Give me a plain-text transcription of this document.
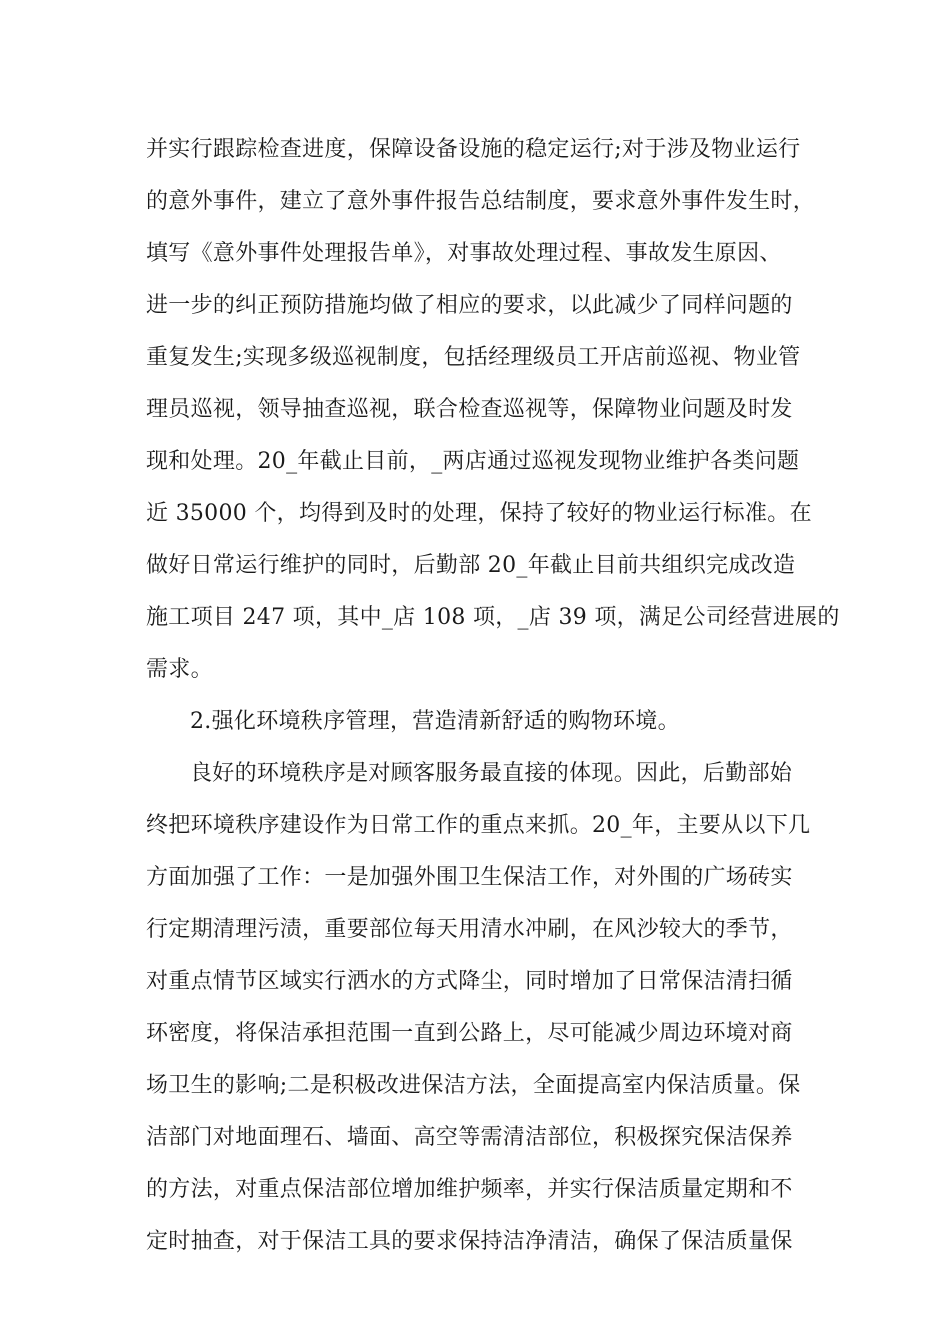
并实行跟踪检查进度，保障设备设施的稳定运行;对于涉及物业运行
的意外事件，建立了意外事件报告总结制度，要求意外事件发生时，
填写《意外事件处理报告单》，对事故处理过程、事故发生原因、
进一步的纠正预防措施均做了相应的要求，以此减少了同样问题的
重复发生;实现多级巡视制度，包括经理级员工开店前巡视、物业管
理员巡视，领导抽查巡视，联合检查巡视等，保障物业问题及时发
现和处理。20_年截止目前，_两店通过巡视发现物业维护各类问题
近 35000 个，均得到及时的处理，保持了较好的物业运行标准。在
做好日常运行维护的同时，后勤部 20_年截止目前共组织完成改造
施工项目 247 项，其中_店 108 项，_店 39 项，满足公司经营进展的
需求。
2.强化环境秩序管理，营造清新舒适的购物环境。
良好的环境秩序是对顾客服务最直接的体现。因此，后勤部始
终把环境秩序建设作为日常工作的重点来抓。20_年，主要从以下几
方面加强了工作：一是加强外围卫生保洁工作，对外围的广场砖实
行定期清理污渍，重要部位每天用清水冲刷，在风沙较大的季节，
对重点情节区域实行洒水的方式降尘，同时增加了日常保洁清扫循
环密度，将保洁承担范围一直到公路上，尽可能减少周边环境对商
场卫生的影响;二是积极改进保洁方法，全面提高室内保洁质量。保
洁部门对地面理石、墙面、高空等需清洁部位，积极探究保洁保养
的方法，对重点保洁部位增加维护频率，并实行保洁质量定期和不
定时抽查，对于保洁工具的要求保持洁净清洁，确保了保洁质量保
